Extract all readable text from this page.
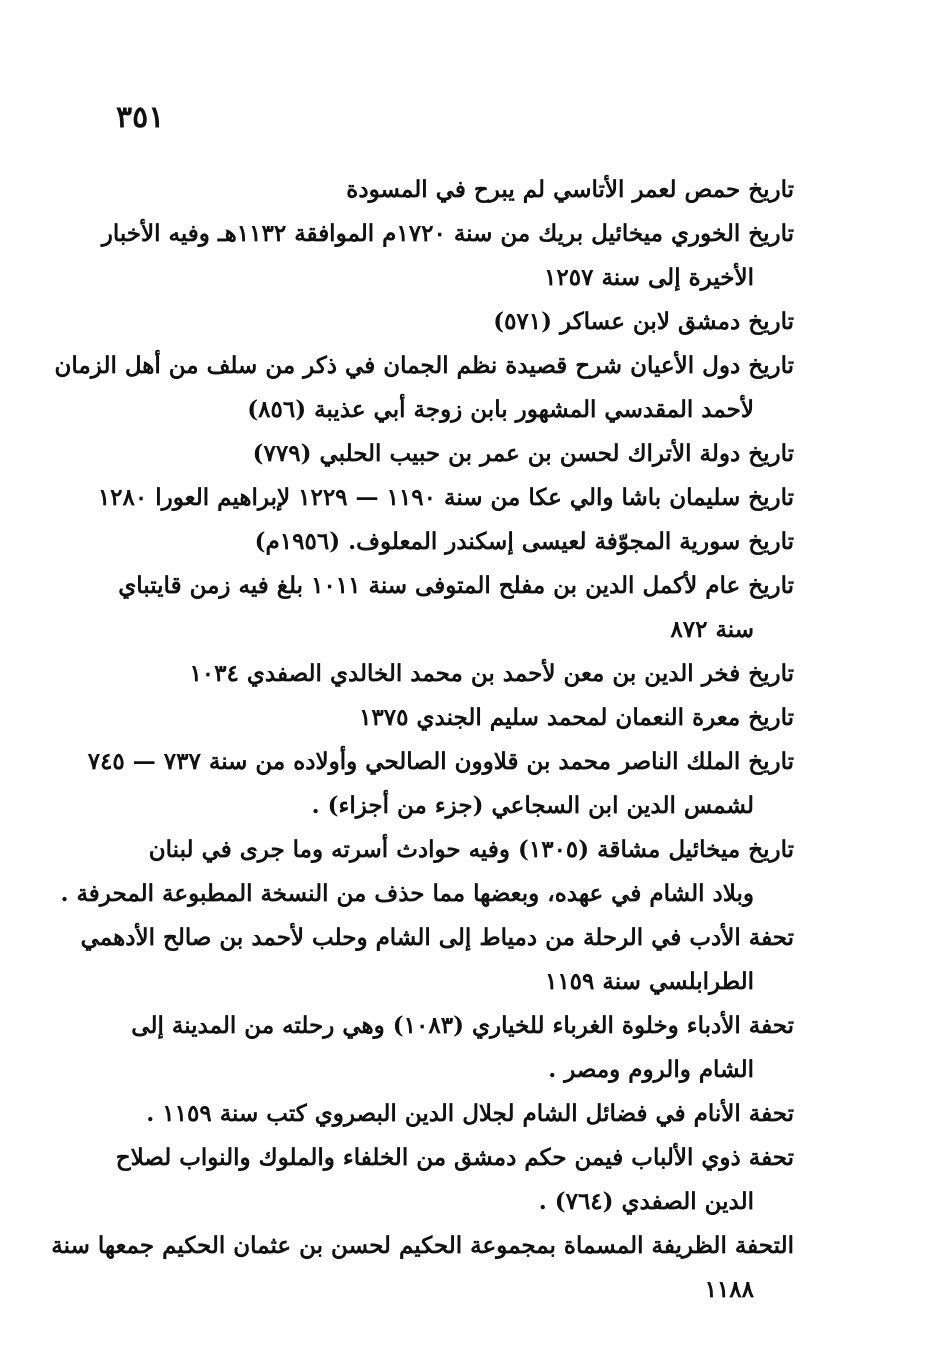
٣٥١
تاريخ حمص لعمر الأتاسي لم يبرح في المسودة
تاريخ الخوري ميخائيل بريك من سنة ١٧٢٠م الموافقة ١١٣٢هـ وفيه الأخبار
الأخيرة إلى سنة ١٢٥٧
تاريخ دمشق لابن عساكر (٥٧١)
تاريخ دول الأعيان شرح قصيدة نظم الجمان في ذكر من سلف من أهل الزمان
لأحمد المقدسي المشهور بابن زوجة أبي عذيبة (٨٥٦)
تاريخ دولة الأتراك لحسن بن عمر بن حبيب الحلبي (٧٧٩)
تاريخ سليمان باشا والي عكا من سنة ١١٩٠ — ١٢٢٩ لإبراهيم العورا ١٢٨٠
تاريخ سورية المجوّفة لعيسى إسكندر المعلوف. (١٩٥٦م)
تاريخ عام لأكمل الدين بن مفلح المتوفى سنة ١٠١١ بلغ فيه زمن قايتباي
سنة ٨٧٢
تاريخ فخر الدين بن معن لأحمد بن محمد الخالدي الصفدي ١٠٣٤
تاريخ معرة النعمان لمحمد سليم الجندي ١٣٧٥
تاريخ الملك الناصر محمد بن قلاوون الصالحي وأولاده من سنة ٧٣٧ — ٧٤٥
لشمس الدين ابن السجاعي (جزء من أجزاء) .
تاريخ ميخائيل مشاقة (١٣٠٥) وفيه حوادث أسرته وما جرى في لبنان
وبلاد الشام في عهده، وبعضها مما حذف من النسخة المطبوعة المحرفة .
تحفة الأدب في الرحلة من دمياط إلى الشام وحلب لأحمد بن صالح الأدهمي
الطرابلسي سنة ١١٥٩
تحفة الأدباء وخلوة الغرباء للخياري (١٠٨٣) وهي رحلته من المدينة إلى
الشام والروم ومصر .
تحفة الأنام في فضائل الشام لجلال الدين البصروي كتب سنة ١١٥٩ .
تحفة ذوي الألباب فيمن حكم دمشق من الخلفاء والملوك والنواب لصلاح
الدين الصفدي (٧٦٤) .
التحفة الظريفة المسماة بمجموعة الحكيم لحسن بن عثمان الحكيم جمعها سنة
١١٨٨
